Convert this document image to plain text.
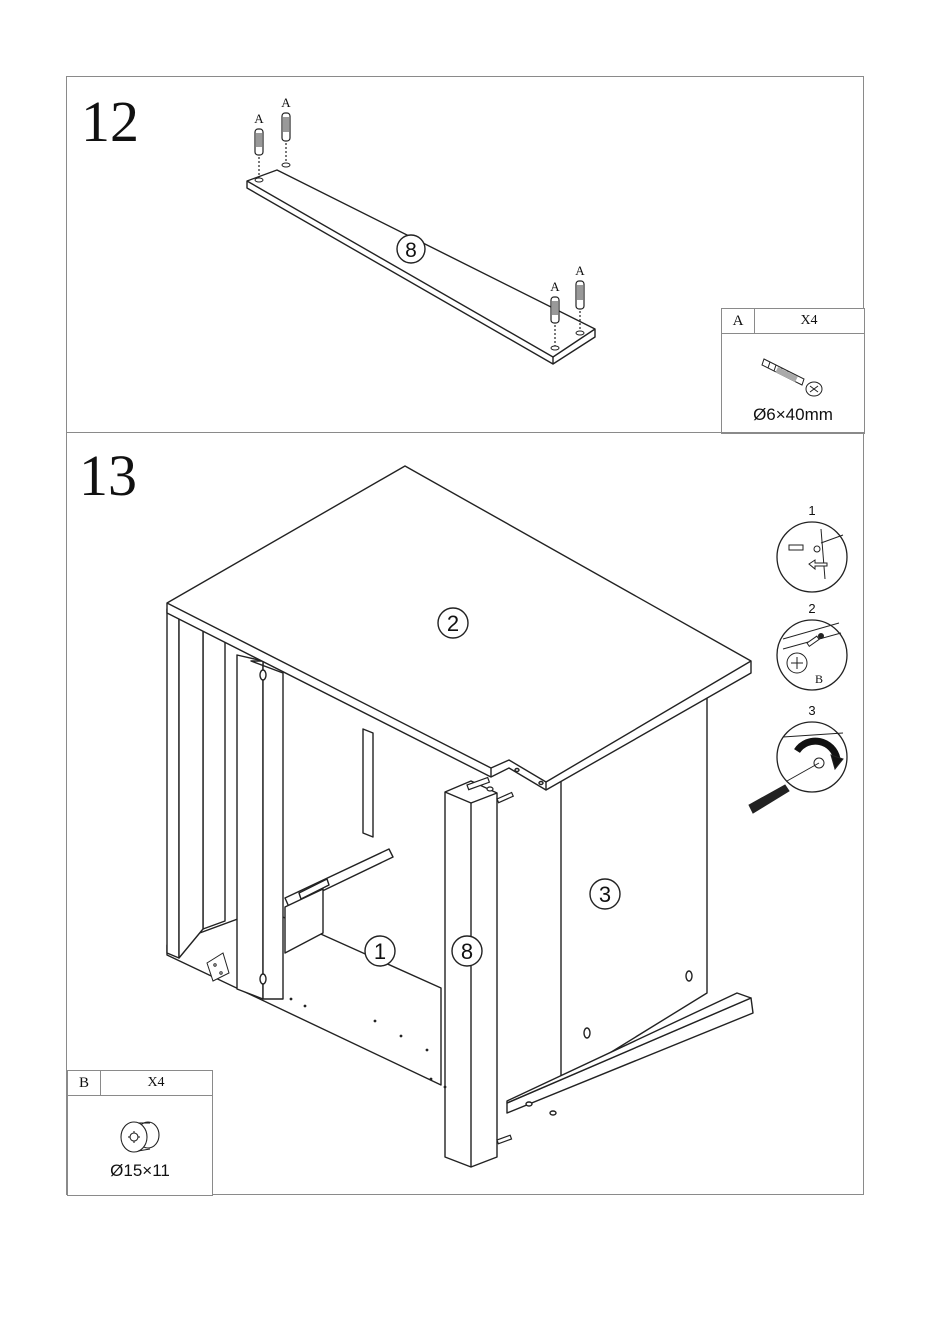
12	A
A
A
A
8
A	X4
Ø6×40mm
13
2
1
3
8
1
2
B
3
B	X4
Ø15×11
